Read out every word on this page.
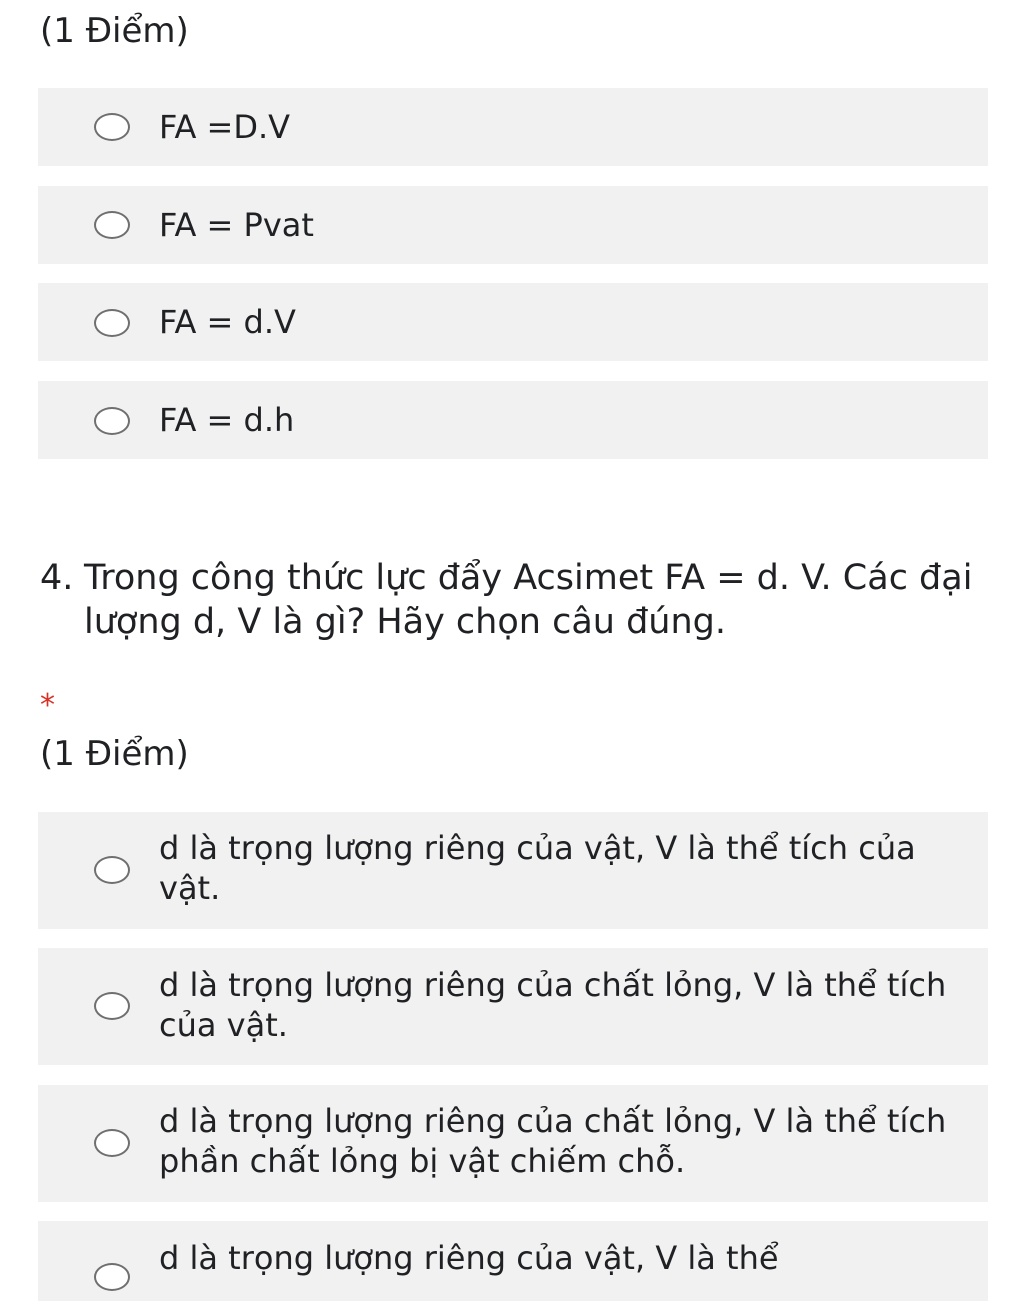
(1 Điểm)
FA =D.V
FA = Pvat
FA = d.V
FA = d.h
4. Trong công thức lực đẩy Acsimet FA = d. V. Các đại lượng d, V là gì? Hãy chọn câu đúng.
*
(1 Điểm)
d là trọng lượng riêng của vật, V là thể tích của vật.
d là trọng lượng riêng của chất lỏng, V là thể tích của vật.
d là trọng lượng riêng của chất lỏng, V là thể tích phần chất lỏng bị vật chiếm chỗ.
d là trọng lượng riêng của vật, V là thể
